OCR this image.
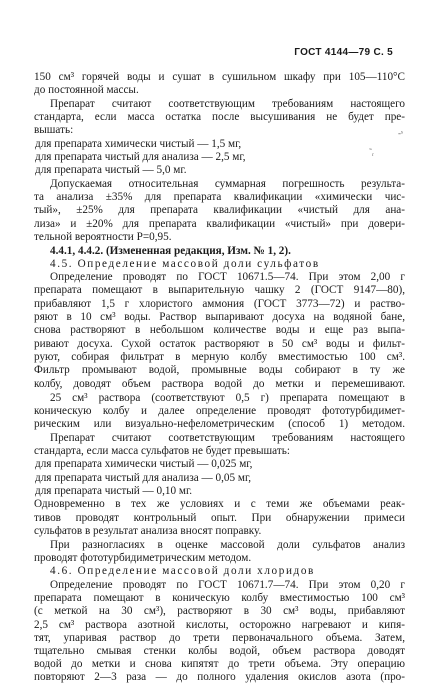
ГОСТ 4144—79 С. 5
-ˢ
˜ᵣ
150 см³ горячей воды и сушат в сушильном шкафу при 105—110°С
до постоянной массы.
Препарат считают соответствующим требованиям настоящего
стандарта, если масса остатка после высушивания не будет пре-
вышать:
для препарата химически чистый — 1,5 мг,
для препарата чистый для анализа — 2,5 мг,
для препарата чистый — 5,0 мг.
Допускаемая относительная суммарная погрешность результа-
та анализа ±35% для препарата квалификации «химически чис-
тый», ±25% для препарата квалификации «чистый для ана-
лиза» и ±20% для препарата квалификации «чистый» при довери-
тельной вероятности P=0,95.
4.4.1, 4.4.2. (Измененная редакция, Изм. № 1, 2).
4.5. Определение массовой доли сульфатов
Определение проводят по ГОСТ 10671.5—74. При этом 2,00 г
препарата помещают в выпарительную чашку 2 (ГОСТ 9147—80),
прибавляют 1,5 г хлористого аммония (ГОСТ 3773—72) и раство-
ряют в 10 см³ воды. Раствор выпаривают досуха на водяной бане,
снова растворяют в небольшом количестве воды и еще раз выпа-
ривают досуха. Сухой остаток растворяют в 50 см³ воды и фильт-
руют, собирая фильтрат в мерную колбу вместимостью 100 см³.
Фильтр промывают водой, промывные воды собирают в ту же
колбу, доводят объем раствора водой до метки и перемешивают.
25 см³ раствора (соответствуют 0,5 г) препарата помещают в
коническую колбу и далее определение проводят фототурбидимет-
рическим или визуально-нефелометрическим (способ 1) методом.
Препарат считают соответствующим требованиям настоящего
стандарта, если масса сульфатов не будет превышать:
для препарата химически чистый — 0,025 мг,
для препарата чистый для анализа — 0,05 мг,
для препарата чистый — 0,10 мг.
Одновременно в тех же условиях и с теми же объемами реак-
тивов проводят контрольный опыт. При обнаружении примеси
сульфатов в результат анализа вносят поправку.
При разногласиях в оценке массовой доли сульфатов анализ
проводят фототурбидиметрическим методом.
4.6. Определение массовой доли хлоридов
Определение проводят по ГОСТ 10671.7—74. При этом 0,20 г
препарата помещают в коническую колбу вместимостью 100 см³
(с меткой на 30 см³), растворяют в 30 см³ воды, прибавляют
2,5 см³ раствора азотной кислоты, осторожно нагревают и кипя-
тят, упаривая раствор до трети первоначального объема. Затем,
тщательно смывая стенки колбы водой, объем раствора доводят
водой до метки и снова кипятят до трети объема. Эту операцию
повторяют 2—3 раза — до полного удаления окислов азота (про-
